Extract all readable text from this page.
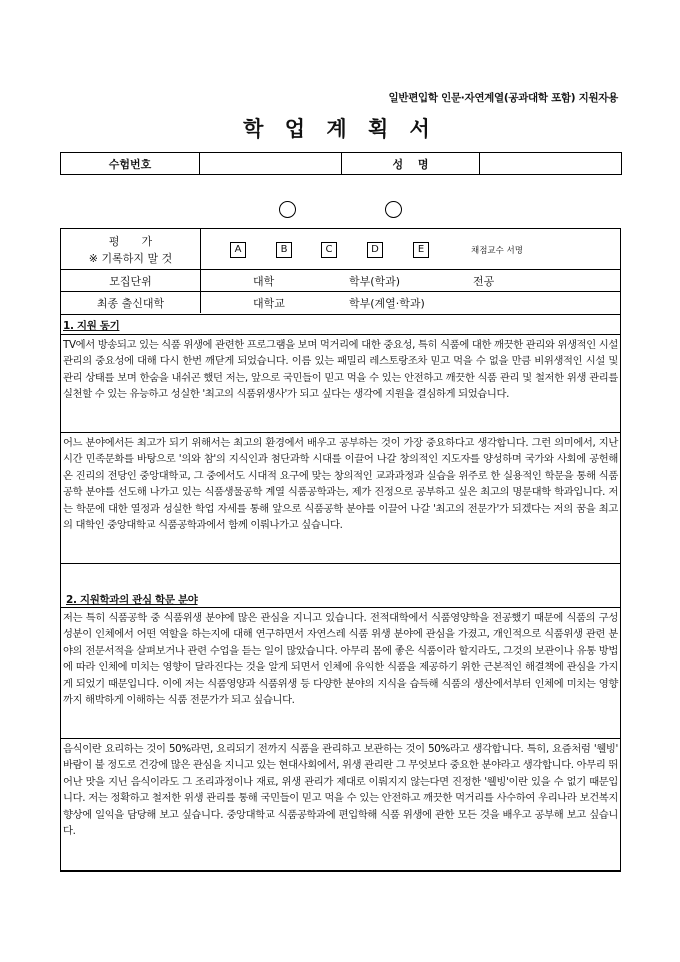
일반편입학 인문·자연계열(공과대학 포함) 지원자용
학 업 계 획 서
수험번호		성　 명	
평　　가
※ 기록하지 말 것
A	B	C	D	E	채점교수 서명
모집단위	대학	학부(학과)	전공
최종 출신대학	대학교	학부(계열·학과)
1. 지원 동기
TV에서 방송되고 있는 식품 위생에 관련한 프로그램을 보며 먹거리에 대한 중요성, 특히 식품에 대한 깨끗한 관리와 위생적인 시설 관리의 중요성에 대해 다시 한번 깨닫게 되었습니다. 이름 있는 패밀리 레스토랑조차 믿고 먹을 수 없을 만큼 비위생적인 시설 및 관리 상태를 보며 한숨을 내쉬곤 했던 저는, 앞으로 국민들이 믿고 먹을 수 있는 안전하고 깨끗한 식품 관리 및 철저한 위생 관리를 실천할 수 있는 유능하고 성실한 '최고의 식품위생사'가 되고 싶다는 생각에 지원을 결심하게 되었습니다.
어느 분야에서든 최고가 되기 위해서는 최고의 환경에서 배우고 공부하는 것이 가장 중요하다고 생각합니다. 그런 의미에서, 지난 시간 민족문화를 바탕으로 '의와 참'의 지식인과 첨단과학 시대를 이끌어 나갈 창의적인 지도자를 양성하며 국가와 사회에 공헌해온 진리의 전당인 중앙대학교, 그 중에서도 시대적 요구에 맞는 창의적인 교과과정과 실습을 위주로 한 실용적인 학문을 통해 식품공학 분야를 선도해 나가고 있는 식품생물공학 계열 식품공학과는, 제가 진정으로 공부하고 싶은 최고의 명문대학 학과입니다. 저는 학문에 대한 열정과 성실한 학업 자세를 통해 앞으로 식품공학 분야를 이끌어 나갈 '최고의 전문가'가 되겠다는 저의 꿈을 최고의 대학인 중앙대학교 식품공학과에서 함께 이뤄나가고 싶습니다.
2. 지원학과의 관심 학문 분야
저는 특히 식품공학 중 식품위생 분야에 많은 관심을 지니고 있습니다. 전적대학에서 식품영양학을 전공했기 때문에 식품의 구성성분이 인체에서 어떤 역할을 하는지에 대해 연구하면서 자연스레 식품 위생 분야에 관심을 가졌고, 개인적으로 식품위생 관련 분야의 전문서적을 살펴보거나 관련 수업을 듣는 일이 많았습니다. 아무리 몸에 좋은 식품이라 할지라도, 그것의 보관이나 유통 방법에 따라 인체에 미치는 영향이 달라진다는 것을 알게 되면서 인체에 유익한 식품을 제공하기 위한 근본적인 해결책에 관심을 가지게 되었기 때문입니다. 이에 저는 식품영양과 식품위생 등 다양한 분야의 지식을 습득해 식품의 생산에서부터 인체에 미치는 영향까지 해박하게 이해하는 식품 전문가가 되고 싶습니다.
음식이란 요리하는 것이 50%라면, 요리되기 전까지 식품을 관리하고 보관하는 것이 50%라고 생각합니다. 특히, 요즘처럼 '웰빙' 바람이 불 정도로 건강에 많은 관심을 지니고 있는 현대사회에서, 위생 관리란 그 무엇보다 중요한 분야라고 생각합니다. 아무리 뛰어난 맛을 지닌 음식이라도 그 조리과정이나 재료, 위생 관리가 제대로 이뤄지지 않는다면 진정한 '웰빙'이란 있을 수 없기 때문입니다. 저는 정확하고 철저한 위생 관리를 통해 국민들이 믿고 먹을 수 있는 안전하고 깨끗한 먹거리를 사수하여 우리나라 보건복지 향상에 일익을 담당해 보고 싶습니다. 중앙대학교 식품공학과에 편입학해 식품 위생에 관한 모든 것을 배우고 공부해 보고 싶습니다.
